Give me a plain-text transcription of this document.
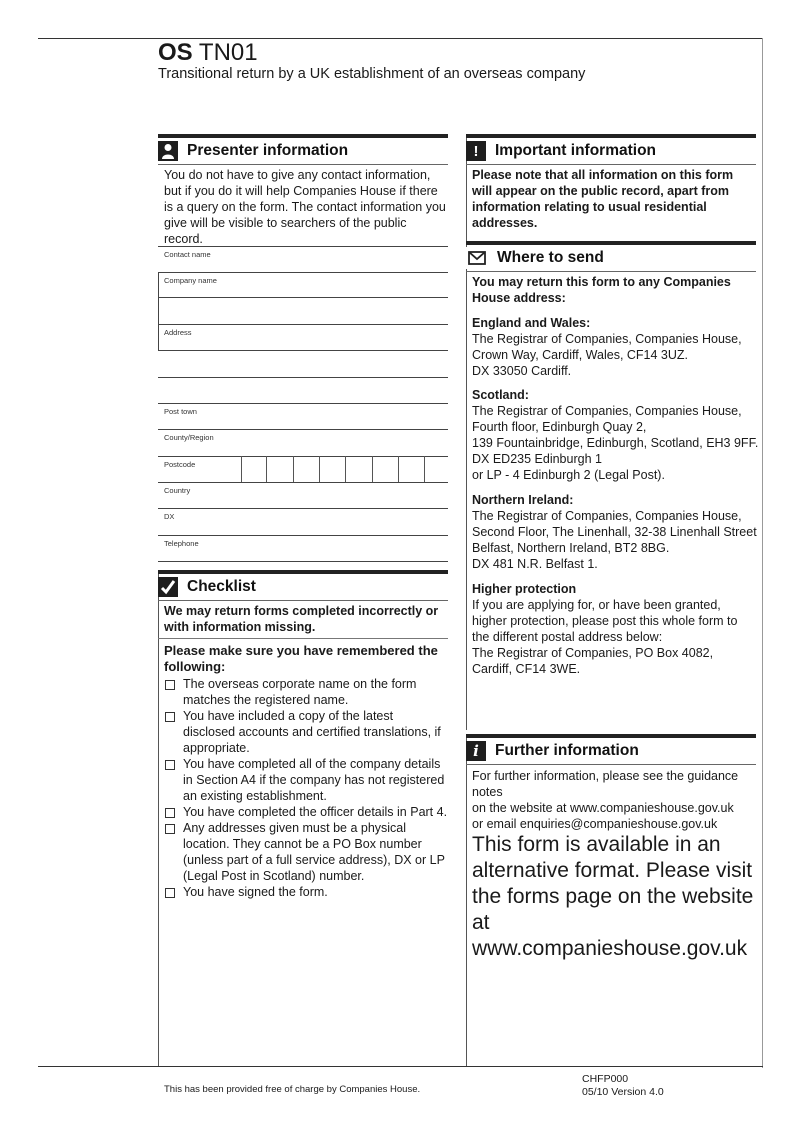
OS TN01
Transitional return by a UK establishment of an overseas company
Presenter information
You do not have to give any contact information, but if you do it will help Companies House if there is a query on the form. The contact information you give will be visible to searchers of the public record.
Contact name
Company name
Address
Post town
County/Region
Postcode
Country
DX
Telephone
Checklist
We may return forms completed incorrectly or with information missing.
Please make sure you have remembered the following:
The overseas corporate name on the form matches the registered name.
You have included a copy of the latest disclosed accounts and certified translations, if appropriate.
You have completed all of the company details in Section A4 if the company has not registered an existing establishment.
You have completed the officer details in Part 4.
Any addresses given must be a physical location. They cannot be a PO Box number (unless part of a full service address), DX or LP (Legal Post in Scotland) number.
You have signed the form.
!	Important information
Please note that all information on this form will appear on the public record, apart from information relating to usual residential addresses.
Where to send
You may return this form to any Companies House address:
England and Wales:
The Registrar of Companies, Companies House,
Crown Way, Cardiff, Wales, CF14 3UZ.
DX 33050 Cardiff.
Scotland:
The Registrar of Companies, Companies House,
Fourth floor, Edinburgh Quay 2,
139 Fountainbridge, Edinburgh, Scotland, EH3 9FF.
DX ED235 Edinburgh 1
or LP - 4 Edinburgh 2 (Legal Post).
Northern Ireland:
The Registrar of Companies, Companies House,
Second Floor, The Linenhall, 32-38 Linenhall Street
Belfast, Northern Ireland, BT2 8BG.
DX 481 N.R. Belfast 1.
Higher protection
If you are applying for, or have been granted, higher protection, please post this whole form to the different postal address below:
The Registrar of Companies, PO Box 4082,
Cardiff, CF14 3WE.
i	Further information
For further information, please see the guidance notes
on the website at www.companieshouse.gov.uk
or email enquiries@companieshouse.gov.uk
This form is available in an alternative format. Please visit the forms page on the website at www.companieshouse.gov.uk
This has been provided free of charge by Companies House.
CHFP000
05/10 Version 4.0
